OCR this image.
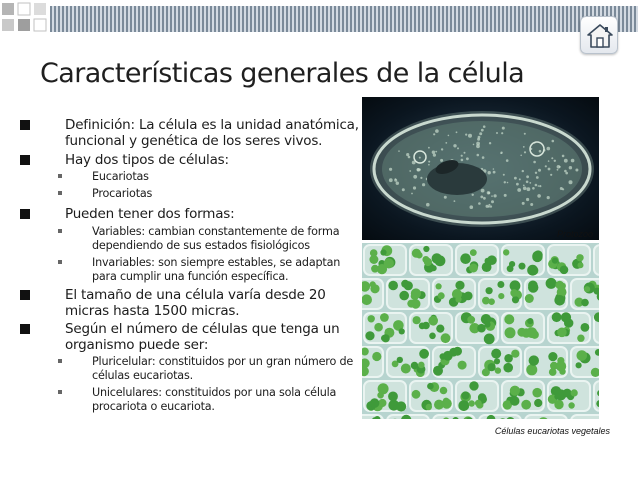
Características generales de la célula
Definición: La célula es la unidad anatómica, funcional y genética de los seres vivos.
Hay dos tipos de células:
Eucariotas
Procariotas
Pueden tener dos formas:
Variables: cambian constantemente de forma dependiendo de sus estados fisiológicos
Invariables: son siempre estables, se adaptan para cumplir una función específica.
El tamaño de una célula varía desde 20 micras hasta 1500 micras.
Según el número de células que tenga un organismo puede ser:
Pluricelular: constituidos por un gran número de células eucariotas.
Unicelulares: constituidos por una sola célula procariota o eucariota.
Protozoo
Células eucariotas vegetales
